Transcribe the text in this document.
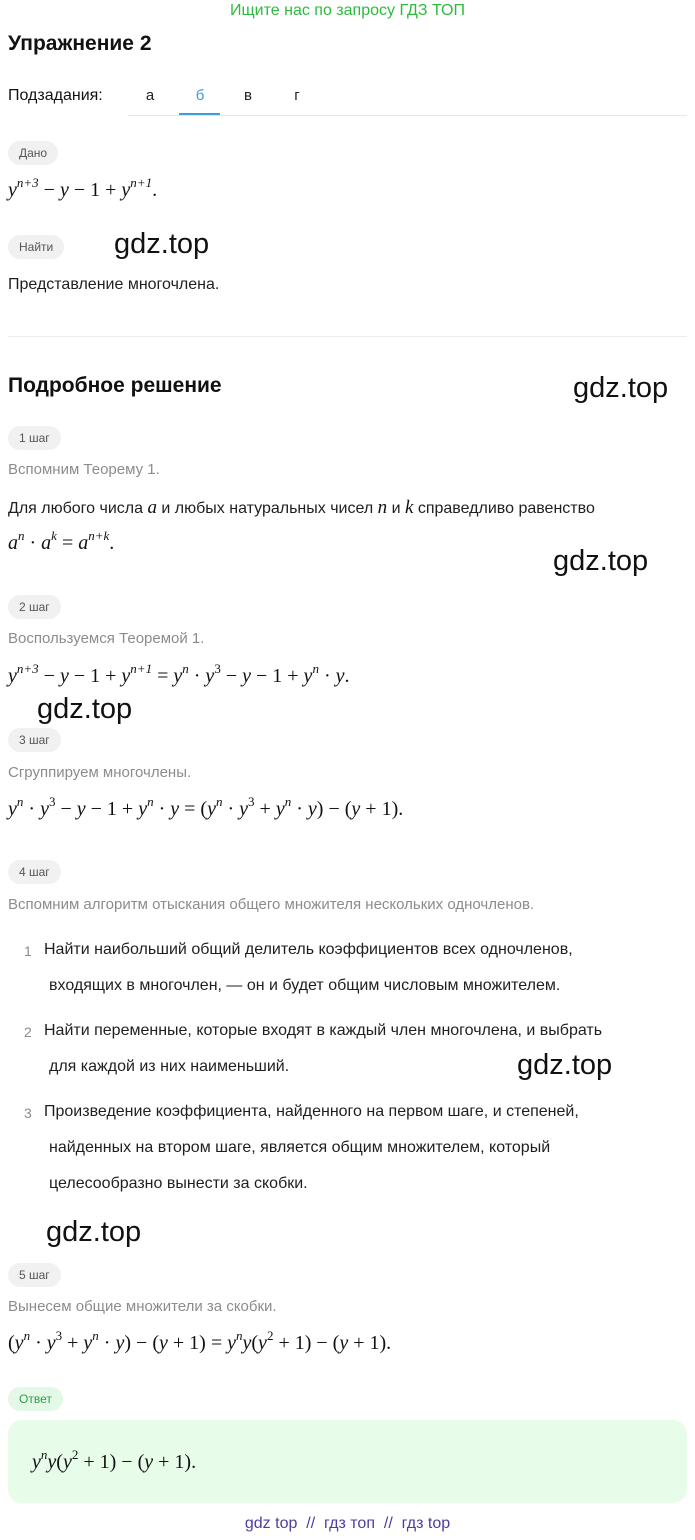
Ищите нас по запросу ГДЗ ТОП
Упражнение 2
Подзадания:	а	б	в	г
Дано
$y^{n+3} - y - 1 + y^{n+1}$.
Найти	gdz.top
Представление многочлена.
Подробное решение	gdz.top
1 шаг
Вспомним Теорему 1.
Для любого числа a и любых натуральных чисел n и k справедливо равенство
$a^n \cdot a^k = a^{n+k}$.
gdz.top
2 шаг
Воспользуемся Теоремой 1.
$y^{n+3} - y - 1 + y^{n+1} = y^n \cdot y^3 - y - 1 + y^n \cdot y$.
gdz.top
3 шаг
Сгруппируем многочлены.
$y^n \cdot y^3 - y - 1 + y^n \cdot y = (y^n \cdot y^3 + y^n \cdot y) - (y + 1)$.
4 шаг
Вспомним алгоритм отыскания общего множителя нескольких одночленов.
1 Найти наибольший общий делитель коэффициентов всех одночленов,
входящих в многочлен, — он и будет общим числовым множителем.
2 Найти переменные, которые входят в каждый член многочлена, и выбрать
для каждой из них наименьший.	gdz.top
3 Произведение коэффициента, найденного на первом шаге, и степеней,
найденных на втором шаге, является общим множителем, который
целесообразно вынести за скобки.
gdz.top
5 шаг
Вынесем общие множители за скобки.
$(y^n \cdot y^3 + y^n \cdot y) - (y + 1) = y^ny(y^2 + 1) - (y + 1)$.
Ответ
$y^ny(y^2 + 1) - (y + 1)$.
gdz top  //  гдз топ  //  гдз top
